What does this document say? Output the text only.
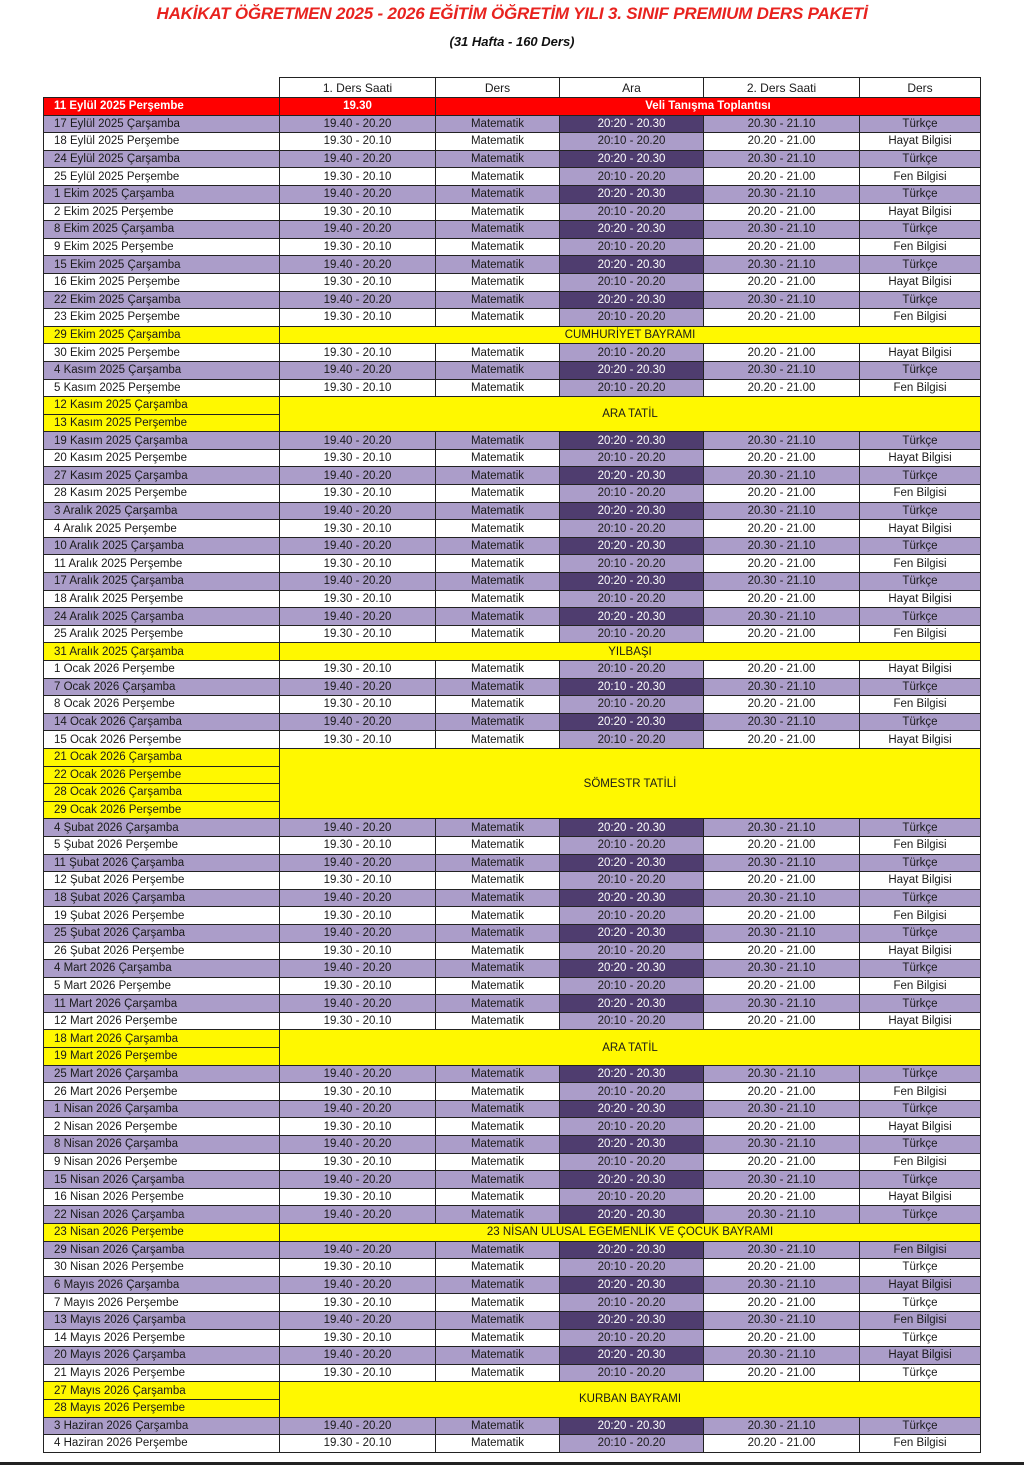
HAKİKAT ÖĞRETMEN 2025 - 2026 EĞİTİM ÖĞRETİM YILI 3. SINIF PREMIUM DERS PAKETİ
(31 Hafta - 160 Ders)
	1. Ders Saati	Ders	Ara	2. Ders Saati	Ders
11 Eylül 2025 Perşembe	19.30	Veli Tanışma Toplantısı			
17 Eylül 2025 Çarşamba	19.40 - 20.20	Matematik	20:20 - 20.30	20.30 - 21.10	Türkçe
18 Eylül 2025 Perşembe	19.30 - 20.10	Matematik	20:10 - 20.20	20.20 - 21.00	Hayat Bilgisi
24 Eylül 2025 Çarşamba	19.40 - 20.20	Matematik	20:20 - 20.30	20.30 - 21.10	Türkçe
25 Eylül 2025 Perşembe	19.30 - 20.10	Matematik	20:10 - 20.20	20.20 - 21.00	Fen Bilgisi
1 Ekim 2025 Çarşamba	19.40 - 20.20	Matematik	20:20 - 20.30	20.30 - 21.10	Türkçe
2 Ekim 2025 Perşembe	19.30 - 20.10	Matematik	20:10 - 20.20	20.20 - 21.00	Hayat Bilgisi
8 Ekim 2025 Çarşamba	19.40 - 20.20	Matematik	20:20 - 20.30	20.30 - 21.10	Türkçe
9 Ekim 2025 Perşembe	19.30 - 20.10	Matematik	20:10 - 20.20	20.20 - 21.00	Fen Bilgisi
15 Ekim 2025 Çarşamba	19.40 - 20.20	Matematik	20:20 - 20.30	20.30 - 21.10	Türkçe
16 Ekim 2025 Perşembe	19.30 - 20.10	Matematik	20:10 - 20.20	20.20 - 21.00	Hayat Bilgisi
22 Ekim 2025 Çarşamba	19.40 - 20.20	Matematik	20:20 - 20.30	20.30 - 21.10	Türkçe
23 Ekim 2025 Perşembe	19.30 - 20.10	Matematik	20:10 - 20.20	20.20 - 21.00	Fen Bilgisi
29 Ekim 2025 Çarşamba	CUMHURİYET BAYRAMI				
30 Ekim 2025 Perşembe	19.30 - 20.10	Matematik	20:10 - 20.20	20.20 - 21.00	Hayat Bilgisi
4 Kasım 2025 Çarşamba	19.40 - 20.20	Matematik	20:20 - 20.30	20.30 - 21.10	Türkçe
5 Kasım 2025 Perşembe	19.30 - 20.10	Matematik	20:10 - 20.20	20.20 - 21.00	Fen Bilgisi
12 Kasım 2025 Çarşamba	ARA TATİL				
13 Kasım 2025 Perşembe					
19 Kasım 2025 Çarşamba	19.40 - 20.20	Matematik	20:20 - 20.30	20.30 - 21.10	Türkçe
20 Kasım 2025 Perşembe	19.30 - 20.10	Matematik	20:10 - 20.20	20.20 - 21.00	Hayat Bilgisi
27 Kasım 2025 Çarşamba	19.40 - 20.20	Matematik	20:20 - 20.30	20.30 - 21.10	Türkçe
28 Kasım 2025 Perşembe	19.30 - 20.10	Matematik	20:10 - 20.20	20.20 - 21.00	Fen Bilgisi
3 Aralık 2025 Çarşamba	19.40 - 20.20	Matematik	20:20 - 20.30	20.30 - 21.10	Türkçe
4 Aralık 2025 Perşembe	19.30 - 20.10	Matematik	20:10 - 20.20	20.20 - 21.00	Hayat Bilgisi
10 Aralık 2025 Çarşamba	19.40 - 20.20	Matematik	20:20 - 20.30	20.30 - 21.10	Türkçe
11 Aralık 2025 Perşembe	19.30 - 20.10	Matematik	20:10 - 20.20	20.20 - 21.00	Fen Bilgisi
17 Aralık 2025 Çarşamba	19.40 - 20.20	Matematik	20:20 - 20.30	20.30 - 21.10	Türkçe
18 Aralık 2025 Perşembe	19.30 - 20.10	Matematik	20:10 - 20.20	20.20 - 21.00	Hayat Bilgisi
24 Aralık 2025 Çarşamba	19.40 - 20.20	Matematik	20:20 - 20.30	20.30 - 21.10	Türkçe
25 Aralık 2025 Perşembe	19.30 - 20.10	Matematik	20:10 - 20.20	20.20 - 21.00	Fen Bilgisi
31 Aralık 2025 Çarşamba	YILBAŞI				
1 Ocak 2026 Perşembe	19.30 - 20.10	Matematik	20:10 - 20.20	20.20 - 21.00	Hayat Bilgisi
7 Ocak 2026 Çarşamba	19.40 - 20.20	Matematik	20:10 - 20.30	20.30 - 21.10	Türkçe
8 Ocak 2026 Perşembe	19.30 - 20.10	Matematik	20:10 - 20.20	20.20 - 21.00	Fen Bilgisi
14 Ocak 2026 Çarşamba	19.40 - 20.20	Matematik	20:20 - 20.30	20.30 - 21.10	Türkçe
15 Ocak 2026 Perşembe	19.30 - 20.10	Matematik	20:10 - 20.20	20.20 - 21.00	Hayat Bilgisi
21 Ocak 2026 Çarşamba	SÖMESTR TATİLİ				
22 Ocak 2026 Perşembe					
28 Ocak 2026 Çarşamba					
29 Ocak 2026 Perşembe					
4 Şubat 2026 Çarşamba	19.40 - 20.20	Matematik	20:20 - 20.30	20.30 - 21.10	Türkçe
5 Şubat 2026 Perşembe	19.30 - 20.10	Matematik	20:10 - 20.20	20.20 - 21.00	Fen Bilgisi
11 Şubat 2026 Çarşamba	19.40 - 20.20	Matematik	20:20 - 20.30	20.30 - 21.10	Türkçe
12 Şubat 2026 Perşembe	19.30 - 20.10	Matematik	20:10 - 20.20	20.20 - 21.00	Hayat Bilgisi
18 Şubat 2026 Çarşamba	19.40 - 20.20	Matematik	20:20 - 20.30	20.30 - 21.10	Türkçe
19 Şubat 2026 Perşembe	19.30 - 20.10	Matematik	20:10 - 20.20	20.20 - 21.00	Fen Bilgisi
25 Şubat 2026 Çarşamba	19.40 - 20.20	Matematik	20:20 - 20.30	20.30 - 21.10	Türkçe
26 Şubat 2026 Perşembe	19.30 - 20.10	Matematik	20:10 - 20.20	20.20 - 21.00	Hayat Bilgisi
4 Mart 2026 Çarşamba	19.40 - 20.20	Matematik	20:20 - 20.30	20.30 - 21.10	Türkçe
5 Mart 2026 Perşembe	19.30 - 20.10	Matematik	20:10 - 20.20	20.20 - 21.00	Fen Bilgisi
11 Mart 2026 Çarşamba	19.40 - 20.20	Matematik	20:20 - 20.30	20.30 - 21.10	Türkçe
12 Mart 2026 Perşembe	19.30 - 20.10	Matematik	20:10 - 20.20	20.20 - 21.00	Hayat Bilgisi
18 Mart 2026 Çarşamba	ARA TATİL				
19 Mart 2026 Perşembe					
25 Mart 2026 Çarşamba	19.40 - 20.20	Matematik	20:20 - 20.30	20.30 - 21.10	Türkçe
26 Mart 2026 Perşembe	19.30 - 20.10	Matematik	20:10 - 20.20	20.20 - 21.00	Fen Bilgisi
1 Nisan 2026 Çarşamba	19.40 - 20.20	Matematik	20:20 - 20.30	20.30 - 21.10	Türkçe
2 Nisan 2026 Perşembe	19.30 - 20.10	Matematik	20:10 - 20.20	20.20 - 21.00	Hayat Bilgisi
8 Nisan 2026 Çarşamba	19.40 - 20.20	Matematik	20:20 - 20.30	20.30 - 21.10	Türkçe
9 Nisan 2026 Perşembe	19.30 - 20.10	Matematik	20:10 - 20.20	20.20 - 21.00	Fen Bilgisi
15 Nisan 2026 Çarşamba	19.40 - 20.20	Matematik	20:20 - 20.30	20.30 - 21.10	Türkçe
16 Nisan 2026 Perşembe	19.30 - 20.10	Matematik	20:10 - 20.20	20.20 - 21.00	Hayat Bilgisi
22 Nisan 2026 Çarşamba	19.40 - 20.20	Matematik	20:20 - 20.30	20.30 - 21.10	Türkçe
23 Nisan 2026 Perşembe	23 NİSAN ULUSAL EGEMENLİK VE ÇOCUK BAYRAMI				
29 Nisan 2026 Çarşamba	19.40 - 20.20	Matematik	20:20 - 20.30	20.30 - 21.10	Fen Bilgisi
30 Nisan 2026 Perşembe	19.30 - 20.10	Matematik	20:10 - 20.20	20.20 - 21.00	Türkçe
6 Mayıs 2026 Çarşamba	19.40 - 20.20	Matematik	20:20 - 20.30	20.30 - 21.10	Hayat Bilgisi
7 Mayıs 2026 Perşembe	19.30 - 20.10	Matematik	20:10 - 20.20	20.20 - 21.00	Türkçe
13 Mayıs 2026 Çarşamba	19.40 - 20.20	Matematik	20:20 - 20.30	20.30 - 21.10	Fen Bilgisi
14 Mayıs 2026 Perşembe	19.30 - 20.10	Matematik	20:10 - 20.20	20.20 - 21.00	Türkçe
20 Mayıs 2026 Çarşamba	19.40 - 20.20	Matematik	20:20 - 20.30	20.30 - 21.10	Hayat Bilgisi
21 Mayıs 2026 Perşembe	19.30 - 20.10	Matematik	20:10 - 20.20	20.20 - 21.00	Türkçe
27 Mayıs 2026 Çarşamba	KURBAN BAYRAMI				
28 Mayıs 2026 Perşembe					
3 Haziran 2026 Çarşamba	19.40 - 20.20	Matematik	20:20 - 20.30	20.30 - 21.10	Türkçe
4 Haziran 2026 Perşembe	19.30 - 20.10	Matematik	20:10 - 20.20	20.20 - 21.00	Fen Bilgisi
